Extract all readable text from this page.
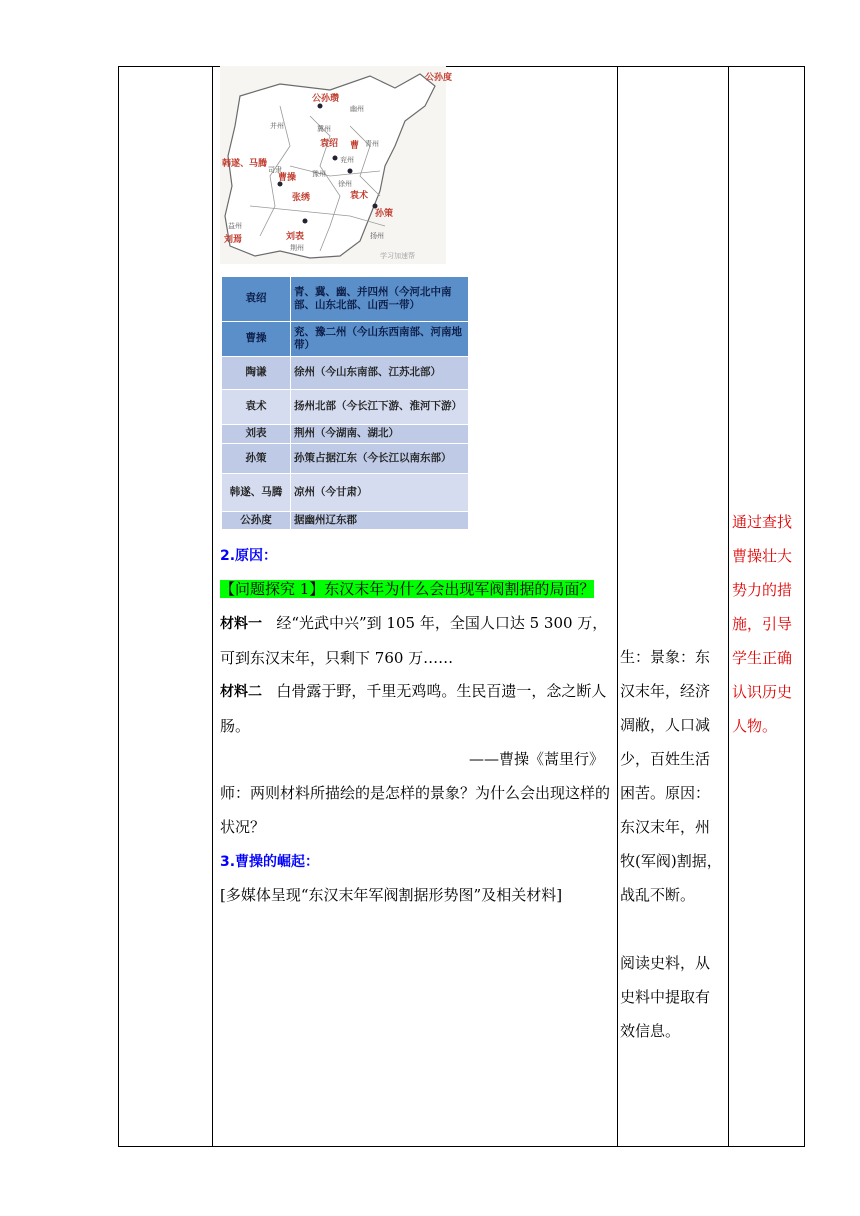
公孙度
公孙瓒
幽州
并州	冀州
青州
袁绍 曹
韩遂、马腾
司隶
兖州
豫州
徐州
曹操
张绣	袁术
孙策
刘表
荆州
扬州
益州
刘焉
学习加速帮
袁绍	青、冀、幽、并四州（今河北中南部、山东北部、山西一带）
曹操	兖、豫二州（今山东西南部、河南地带）
陶谦	徐州（今山东南部、江苏北部）
袁术	扬州北部（今长江下游、淮河下游）
刘表	荆州（今湖南、湖北）
孙策	孙策占据江东（今长江以南东部）
韩遂、马腾	凉州（今甘肃）
公孙度	据幽州辽东郡
2.原因：
【问题探究 1】东汉末年为什么会出现军阀割据的局面？
材料一 经“光武中兴”到 105 年，全国人口达 5 300 万，可到东汉末年，只剩下 760 万……
材料二 白骨露于野，千里无鸡鸣。生民百遗一，念之断人肠。
——曹操《蒿里行》
师：两则材料所描绘的是怎样的景象？为什么会出现这样的状况？
3.曹操的崛起：
[多媒体呈现“东汉末年军阀割据形势图”及相关材料]
生：景象：东汉末年，经济凋敝，人口减少，百姓生活困苦。原因：东汉末年，州牧(军阀)割据，战乱不断。
阅读史料，从史料中提取有效信息。
通过查找曹操壮大势力的措施，引导学生正确认识历史人物。
